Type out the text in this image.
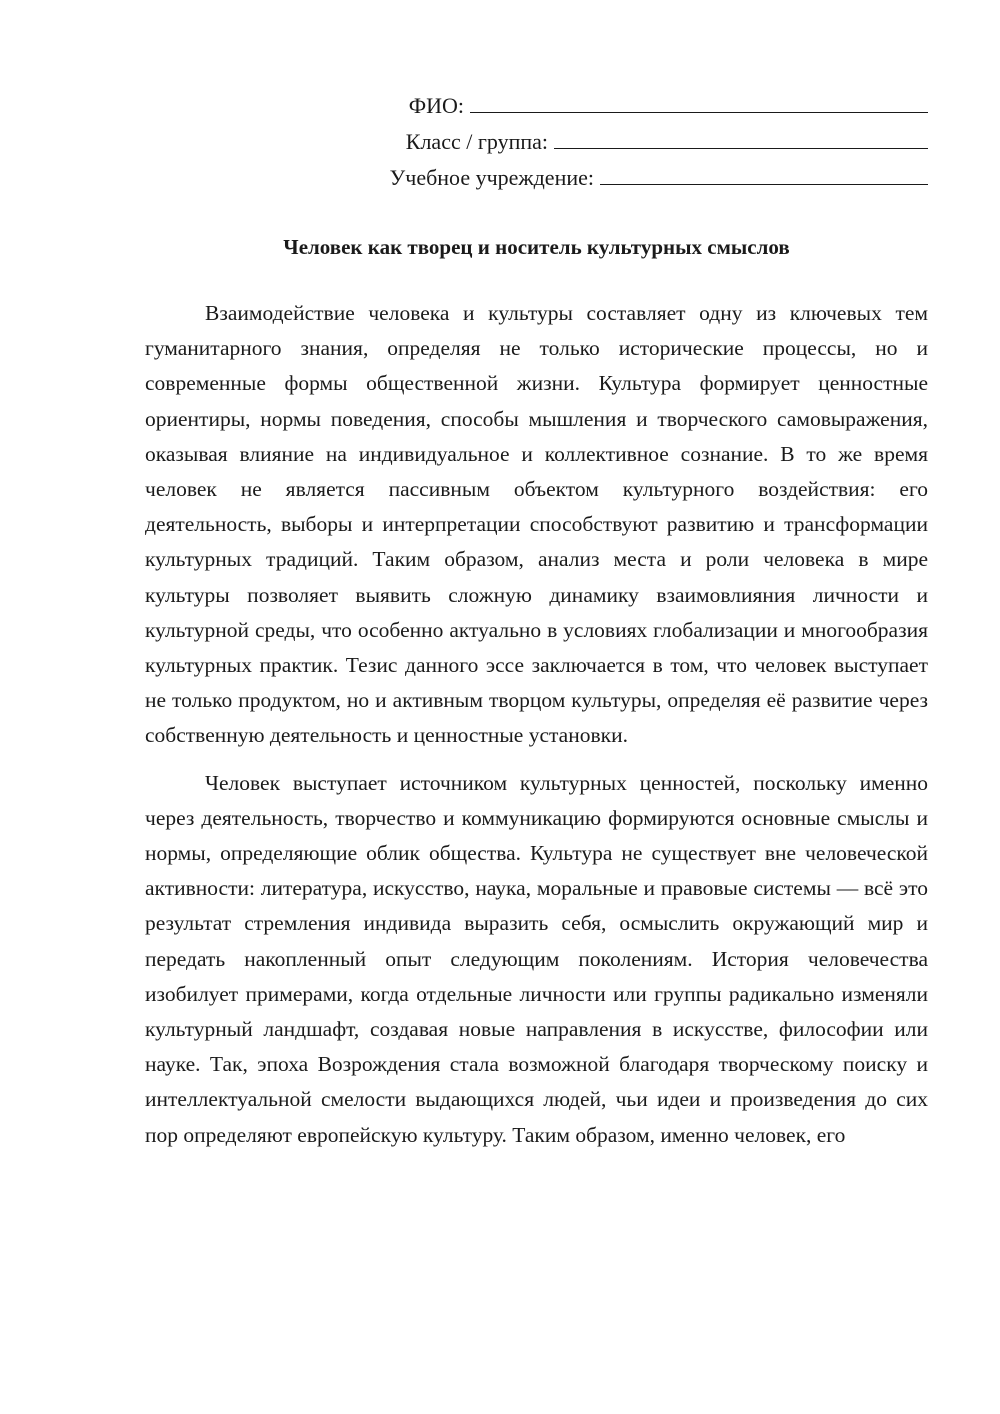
ФИО:
Класс / группа:
Учебное учреждение:
Человек как творец и носитель культурных смыслов

Взаимодействие человека и культуры составляет одну из ключевых тем гуманитарного знания, определяя не только исторические процессы, но и современные формы общественной жизни. Культура формирует ценностные ориентиры, нормы поведения, способы мышления и творческого самовыражения, оказывая влияние на индивидуальное и коллективное сознание. В то же время человек не является пассивным объектом культурного воздействия: его деятельность, выборы и интерпретации способствуют развитию и трансформации культурных традиций. Таким образом, анализ места и роли человека в мире культуры позволяет выявить сложную динамику взаимовлияния личности и культурной среды, что особенно актуально в условиях глобализации и многообразия культурных практик. Тезис данного эссе заключается в том, что человек выступает не только продуктом, но и активным творцом культуры, определяя её развитие через собственную деятельность и ценностные установки.

Человек выступает источником культурных ценностей, поскольку именно через деятельность, творчество и коммуникацию формируются основные смыслы и нормы, определяющие облик общества. Культура не существует вне человеческой активности: литература, искусство, наука, моральные и правовые системы — всё это результат стремления индивида выразить себя, осмыслить окружающий мир и передать накопленный опыт следующим поколениям. История человечества изобилует примерами, когда отдельные личности или группы радикально изменяли культурный ландшафт, создавая новые направления в искусстве, философии или науке. Так, эпоха Возрождения стала возможной благодаря творческому поиску и интеллектуальной смелости выдающихся людей, чьи идеи и произведения до сих пор определяют европейскую культуру. Таким образом, именно человек, его
